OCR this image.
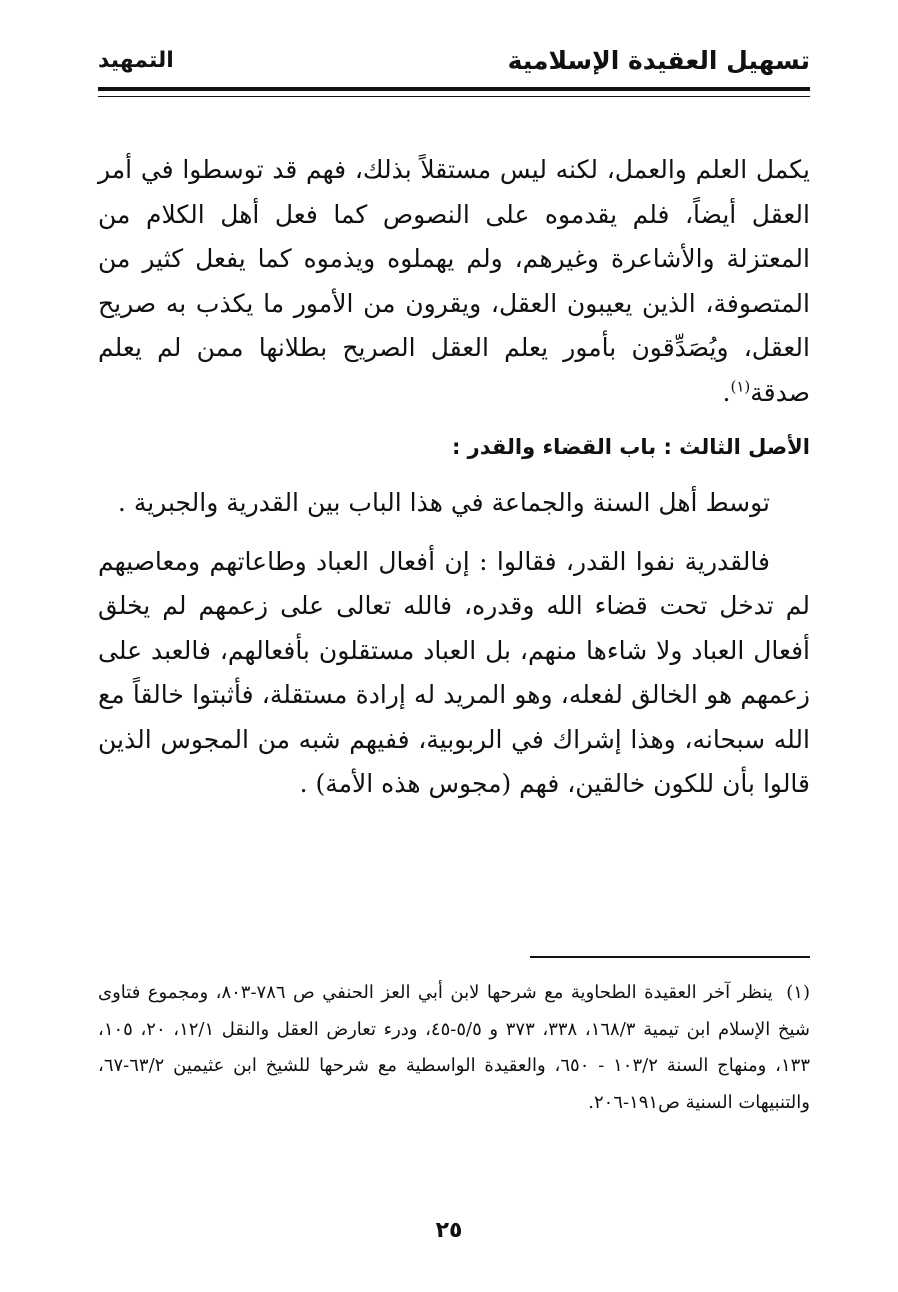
تسهيل العقيدة الإسلامية
التمهيد

يكمل العلم والعمل، لكنه ليس مستقلاً بذلك، فهم قد توسطوا في أمر العقل أيضاً، فلم يقدموه على النصوص كما فعل أهل الكلام من المعتزلة والأشاعرة وغيرهم، ولم يهملوه ويذموه كما يفعل كثير من المتصوفة، الذين يعيبون العقل، ويقرون من الأمور ما يكذب به صريح العقل، ويُصَدِّقون بأمور يعلم العقل الصريح بطلانها ممن لم يعلم صدقة$^{(١)}$.

الأصل الثالث : باب القضاء والقدر :

توسط أهل السنة والجماعة في هذا الباب بين القدرية والجبرية .

فالقدرية نفوا القدر، فقالوا : إن أفعال العباد وطاعاتهم ومعاصيهم لم تدخل تحت قضاء الله وقدره، فالله تعالى على زعمهم لم يخلق أفعال العباد ولا شاءها منهم، بل العباد مستقلون بأفعالهم، فالعبد على زعمهم هو الخالق لفعله، وهو المريد له إرادة مستقلة، فأثبتوا خالقاً مع الله سبحانه، وهذا إشراك في الربوبية، ففيهم شبه من المجوس الذين قالوا بأن للكون خالقين، فهم (مجوس هذه الأمة) .

(١) ينظر آخر العقيدة الطحاوية مع شرحها لابن أبي العز الحنفي ص ٧٨٦-٨٠٣، ومجموع فتاوى شيخ الإسلام ابن تيمية ١٦٨/٣، ٣٣٨، ٣٧٣ و ٥/٥-٤٥، ودرء تعارض العقل والنقل ١٢/١، ٢٠، ١٠٥، ١٣٣، ومنهاج السنة ١٠٣/٢ - ٦٥٠، والعقيدة الواسطية مع شرحها للشيخ ابن عثيمين ٦٣/٢-٦٧، والتنبيهات السنية ص١٩١-٢٠٦.

٢٥
